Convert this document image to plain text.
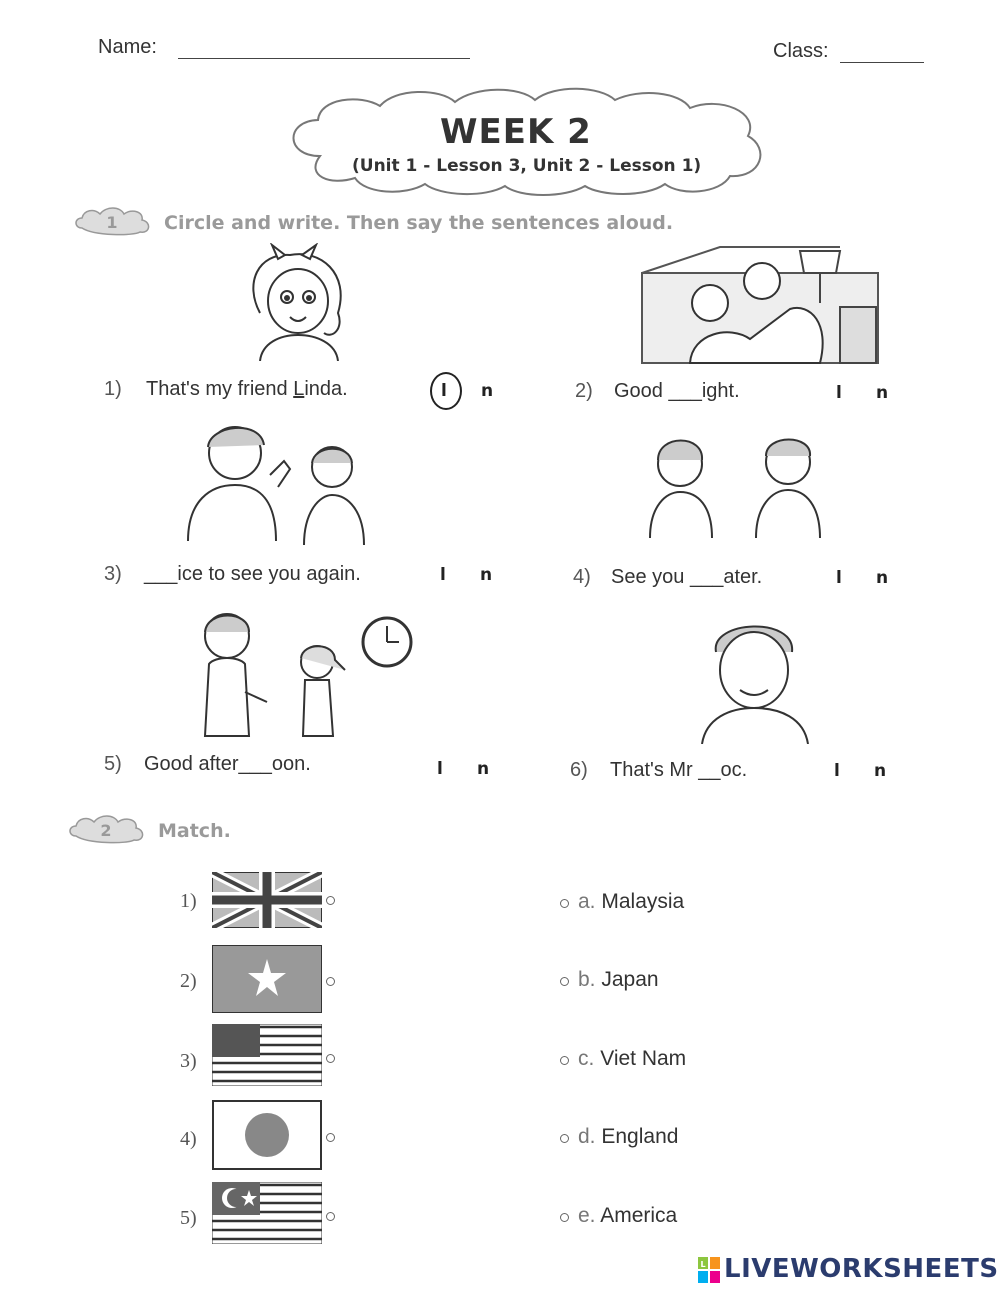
Name:	Class:
WEEK 2
(Unit 1 - Lesson 3, Unit 2 - Lesson 1)
1 Circle and write. Then say the sentences aloud.
1) That's my friend Linda.	l n	2) Good ___ight.	l n
3) ___ice to see you again.	l n	4) See you ___ater.	l n
5) Good after___oon.	l n	6) That's Mr __oc.	l n
2 Match.
1)
2)
3)
4)
5)
a. Malaysia
b. Japan
c. Viet Nam
d. England
e. America
L LIVEWORKSHEETS
